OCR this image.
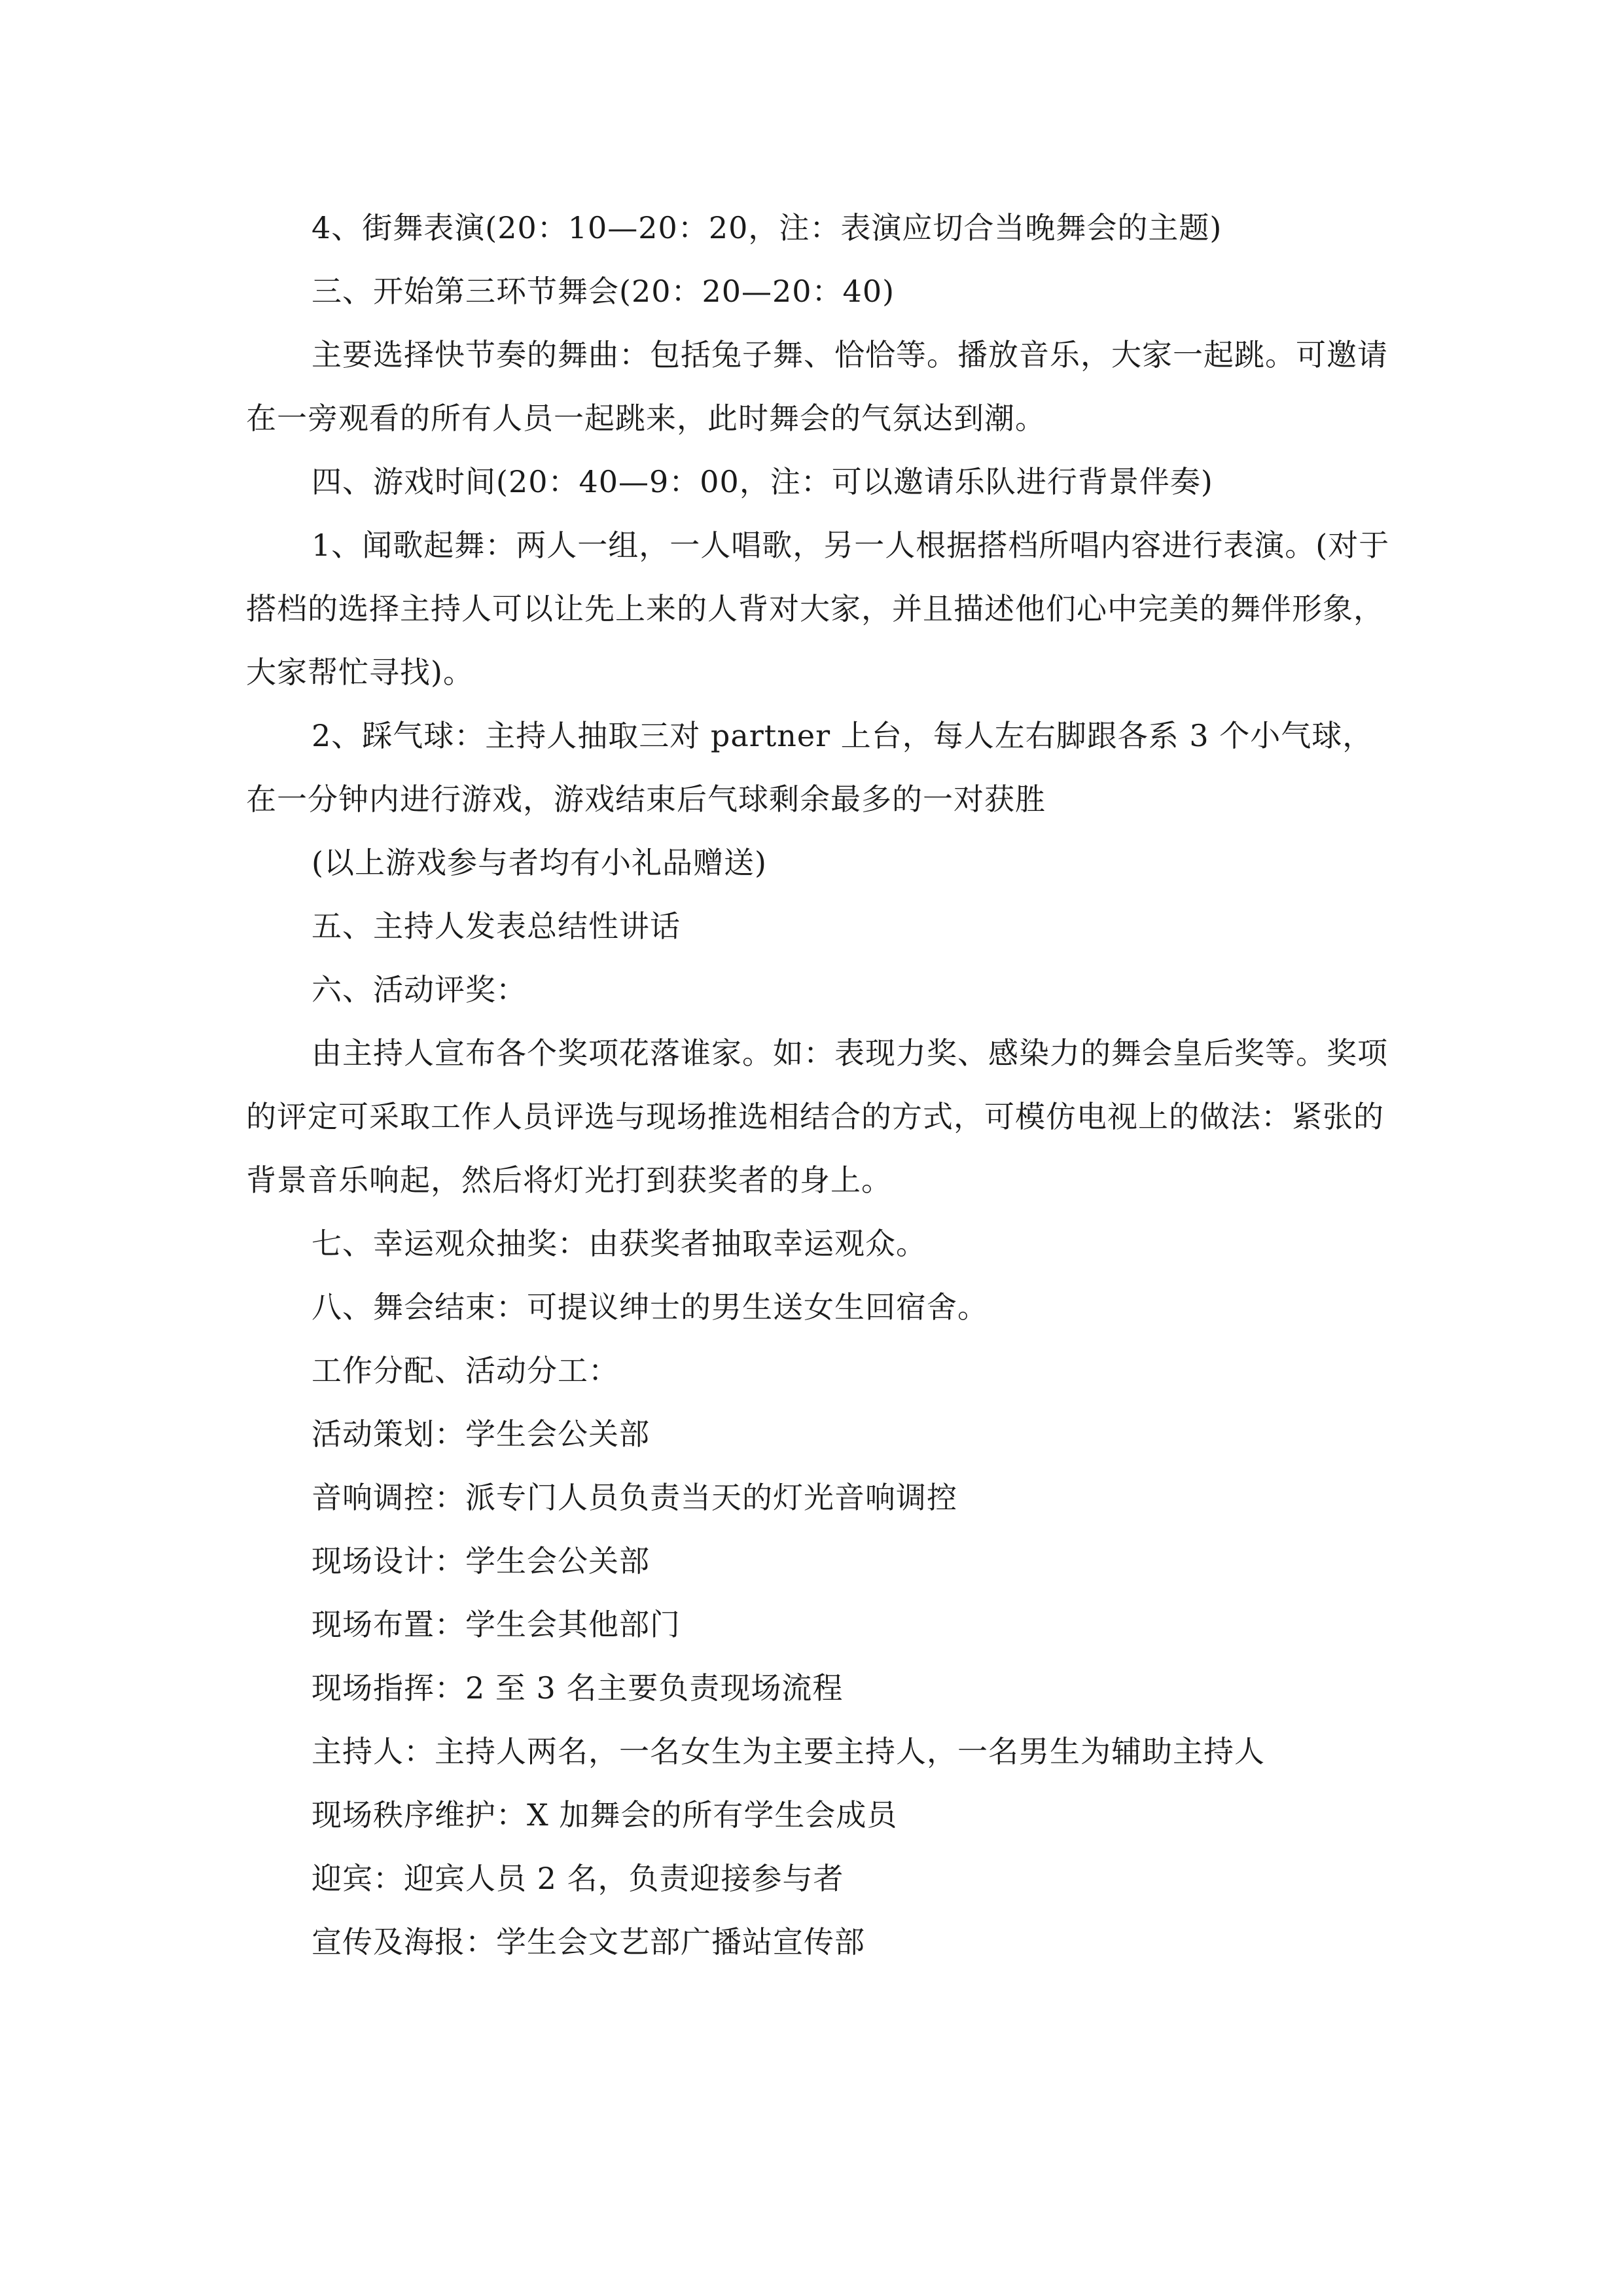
4、街舞表演(20：10—20：20，注：表演应切合当晚舞会的主题)

三、开始第三环节舞会(20：20—20：40)

主要选择快节奏的舞曲：包括兔子舞、恰恰等。播放音乐，大家一起跳。可邀请在一旁观看的所有人员一起跳来，此时舞会的气氛达到潮。

四、游戏时间(20：40—9：00，注：可以邀请乐队进行背景伴奏)

1、闻歌起舞：两人一组，一人唱歌，另一人根据搭档所唱内容进行表演。(对于搭档的选择主持人可以让先上来的人背对大家，并且描述他们心中完美的舞伴形象，大家帮忙寻找)。

2、踩气球：主持人抽取三对 partner 上台，每人左右脚跟各系 3 个小气球，在一分钟内进行游戏，游戏结束后气球剩余最多的一对获胜

(以上游戏参与者均有小礼品赠送)

五、主持人发表总结性讲话

六、活动评奖：

由主持人宣布各个奖项花落谁家。如：表现力奖、感染力的舞会皇后奖等。奖项的评定可采取工作人员评选与现场推选相结合的方式，可模仿电视上的做法：紧张的背景音乐响起，然后将灯光打到获奖者的身上。

七、幸运观众抽奖：由获奖者抽取幸运观众。

八、舞会结束：可提议绅士的男生送女生回宿舍。

工作分配、活动分工：

活动策划：学生会公关部

音响调控：派专门人员负责当天的灯光音响调控

现场设计：学生会公关部

现场布置：学生会其他部门

现场指挥：2 至 3 名主要负责现场流程

主持人：主持人两名，一名女生为主要主持人，一名男生为辅助主持人

现场秩序维护：X 加舞会的所有学生会成员

迎宾：迎宾人员 2 名，负责迎接参与者

宣传及海报：学生会文艺部广播站宣传部
